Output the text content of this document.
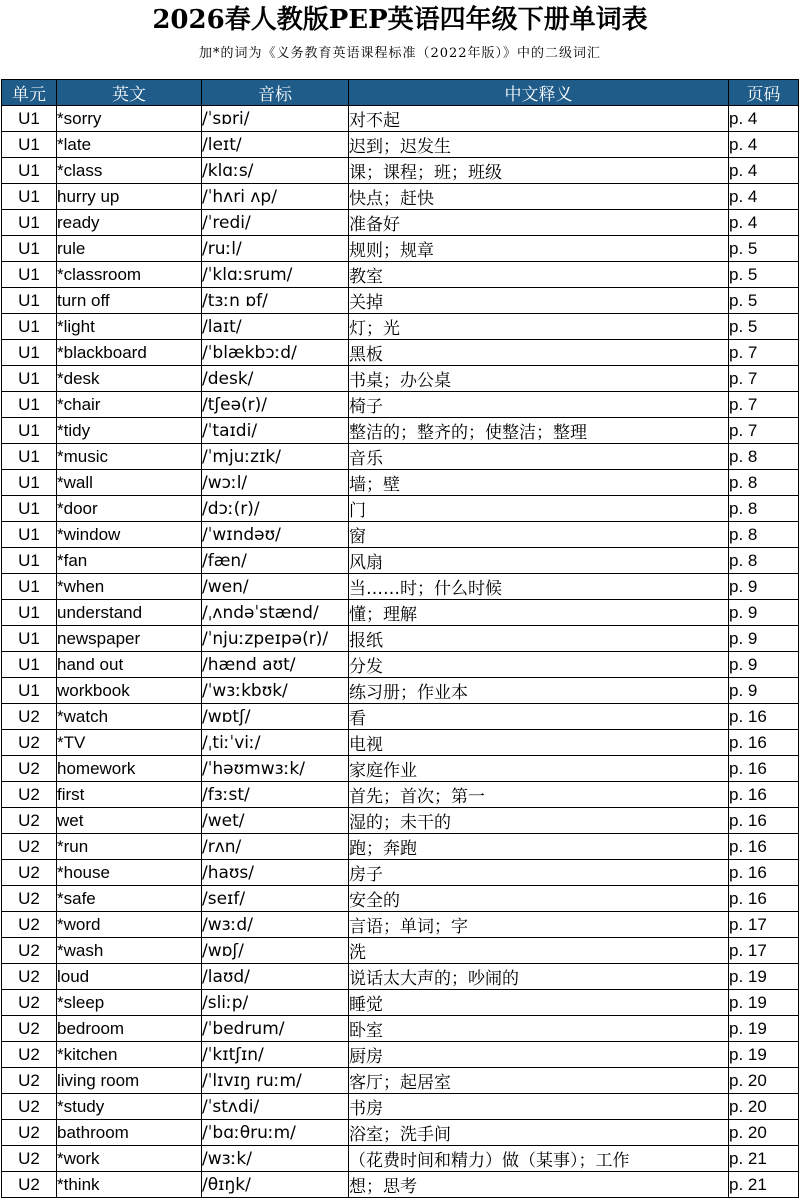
2026春人教版PEP英语四年级下册单词表
加*的词为《义务教育英语课程标准（2022年版）》中的二级词汇
单元	英文	音标	中文释义	页码
U1	*sorry	/ˈsɒri/	对不起	p. 4
U1	*late	/leɪt/	迟到；迟发生	p. 4
U1	*class	/klɑːs/	课；课程；班；班级	p. 4
U1	hurry up	/ˈhʌri ʌp/	快点；赶快	p. 4
U1	ready	/ˈredi/	准备好	p. 4
U1	rule	/ruːl/	规则；规章	p. 5
U1	*classroom	/ˈklɑːsrum/	教室	p. 5
U1	turn off	/tɜːn ɒf/	关掉	p. 5
U1	*light	/laɪt/	灯；光	p. 5
U1	*blackboard	/ˈblækbɔːd/	黑板	p. 7
U1	*desk	/desk/	书桌；办公桌	p. 7
U1	*chair	/tʃeə(r)/	椅子	p. 7
U1	*tidy	/ˈtaɪdi/	整洁的；整齐的；使整洁；整理	p. 7
U1	*music	/ˈmjuːzɪk/	音乐	p. 8
U1	*wall	/wɔːl/	墙；壁	p. 8
U1	*door	/dɔː(r)/	门	p. 8
U1	*window	/ˈwɪndəʊ/	窗	p. 8
U1	*fan	/fæn/	风扇	p. 8
U1	*when	/wen/	当……时；什么时候	p. 9
U1	understand	/ˌʌndəˈstænd/	懂；理解	p. 9
U1	newspaper	/ˈnjuːzpeɪpə(r)/	报纸	p. 9
U1	hand out	/hænd aʊt/	分发	p. 9
U1	workbook	/ˈwɜːkbʊk/	练习册；作业本	p. 9
U2	*watch	/wɒtʃ/	看	p. 16
U2	*TV	/ˌtiːˈviː/	电视	p. 16
U2	homework	/ˈhəʊmwɜːk/	家庭作业	p. 16
U2	first	/fɜːst/	首先；首次；第一	p. 16
U2	wet	/wet/	湿的；未干的	p. 16
U2	*run	/rʌn/	跑；奔跑	p. 16
U2	*house	/haʊs/	房子	p. 16
U2	*safe	/seɪf/	安全的	p. 16
U2	*word	/wɜːd/	言语；单词；字	p. 17
U2	*wash	/wɒʃ/	洗	p. 17
U2	loud	/laʊd/	说话太大声的；吵闹的	p. 19
U2	*sleep	/sliːp/	睡觉	p. 19
U2	bedroom	/ˈbedrum/	卧室	p. 19
U2	*kitchen	/ˈkɪtʃɪn/	厨房	p. 19
U2	living room	/ˈlɪvɪŋ ruːm/	客厅；起居室	p. 20
U2	*study	/ˈstʌdi/	书房	p. 20
U2	bathroom	/ˈbɑːθruːm/	浴室；洗手间	p. 20
U2	*work	/wɜːk/	（花费时间和精力）做（某事）；工作	p. 21
U2	*think	/θɪŋk/	想；思考	p. 21
